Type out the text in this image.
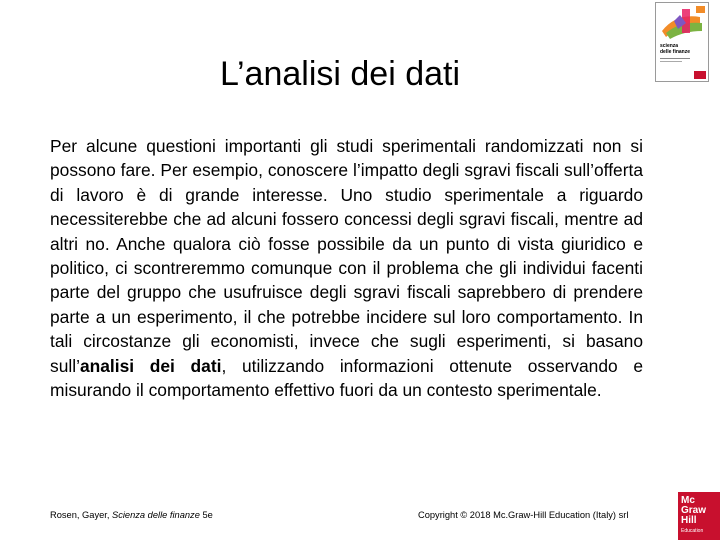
L’analisi dei dati
Per alcune questioni importanti gli studi sperimentali randomizzati non si possono fare. Per esempio, conoscere l’impatto degli sgravi fiscali sull’offerta di lavoro è di grande interesse. Uno studio sperimentale a riguardo necessiterebbe che ad alcuni fossero concessi degli sgravi fiscali, mentre ad altri no. Anche qualora ciò fosse possibile da un punto di vista giuridico e politico, ci scontreremmo comunque con il problema che gli individui facenti parte del gruppo che usufruisce degli sgravi fiscali saprebbero di prendere parte a un esperimento, il che potrebbe incidere sul loro comportamento. In tali circostanze gli economisti, invece che sugli esperimenti, si basano sull’analisi dei dati, utilizzando informazioni ottenute osservando e misurando il comportamento effettivo fuori da un contesto sperimentale.
scienza
delle finanze
Rosen, Gayer, Scienza delle finanze 5e	Copyright © 2018 Mc.Graw-Hill Education (Italy) srl
Mc
Graw
Hill
Education
